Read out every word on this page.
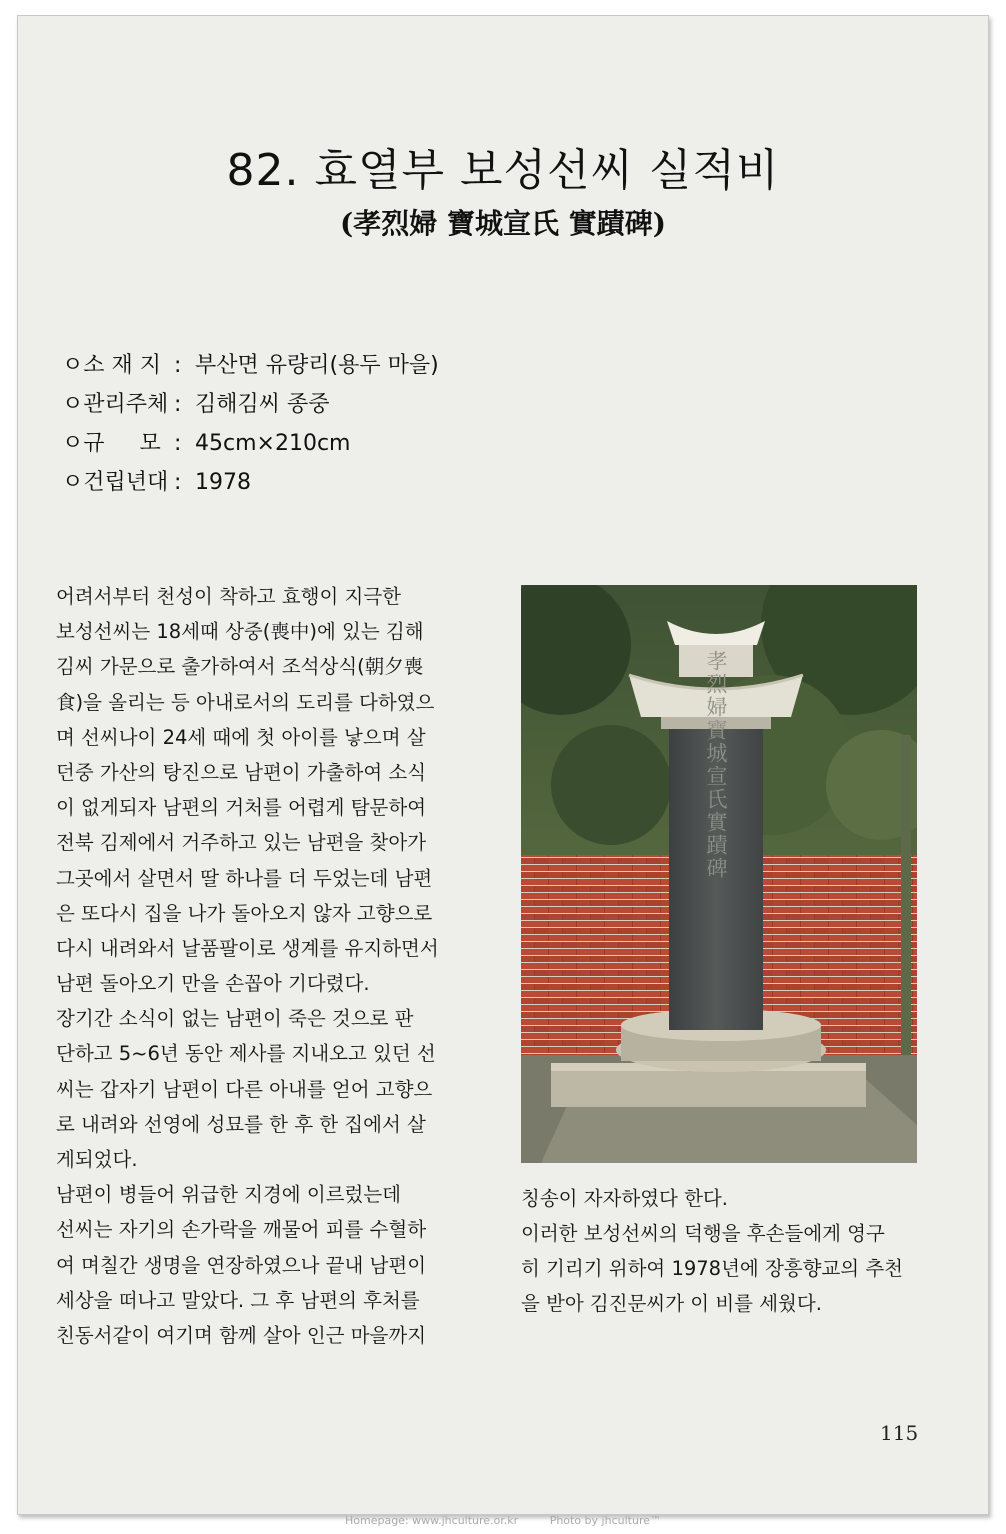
82. 효열부 보성선씨 실적비
(孝烈婦 寶城宣氏 實蹟碑)
ㅇ소 재 지 : 부산면 유량리(용두 마을)
ㅇ관리주체 : 김해김씨 종중
ㅇ규     모 : 45cm×210cm
ㅇ건립년대 : 1978
어려서부터 천성이 착하고 효행이 지극한
보성선씨는 18세때 상중(喪中)에 있는 김해
김씨 가문으로 출가하여서 조석상식(朝夕喪
食)을 올리는 등 아내로서의 도리를 다하였으
며 선씨나이 24세 때에 첫 아이를 낳으며 살
던중 가산의 탕진으로 남편이 가출하여 소식
이 없게되자 남편의 거처를 어렵게 탐문하여
전북 김제에서 거주하고 있는 남편을 찾아가
그곳에서 살면서 딸 하나를 더 두었는데 남편
은 또다시 집을 나가 돌아오지 않자 고향으로
다시 내려와서 날품팔이로 생계를 유지하면서
남편 돌아오기 만을 손꼽아 기다렸다.
장기간 소식이 없는 남편이 죽은 것으로 판
단하고 5~6년 동안 제사를 지내오고 있던 선
씨는 갑자기 남편이 다른 아내를 얻어 고향으
로 내려와 선영에 성묘를 한 후 한 집에서 살
게되었다.
남편이 병들어 위급한 지경에 이르렀는데
선씨는 자기의 손가락을 깨물어 피를 수혈하
여 며칠간 생명을 연장하였으나 끝내 남편이
세상을 떠나고 말았다. 그 후 남편의 후처를
친동서같이 여기며 함께 살아 인근 마을까지
孝烈婦寶城宣氏實蹟碑
칭송이 자자하였다 한다.
이러한 보성선씨의 덕행을 후손들에게 영구
히 기리기 위하여 1978년에 장흥향교의 추천
을 받아 김진문씨가 이 비를 세웠다.
115
Homepage: www.jhculture.or.kr	Photo by jhculture™
